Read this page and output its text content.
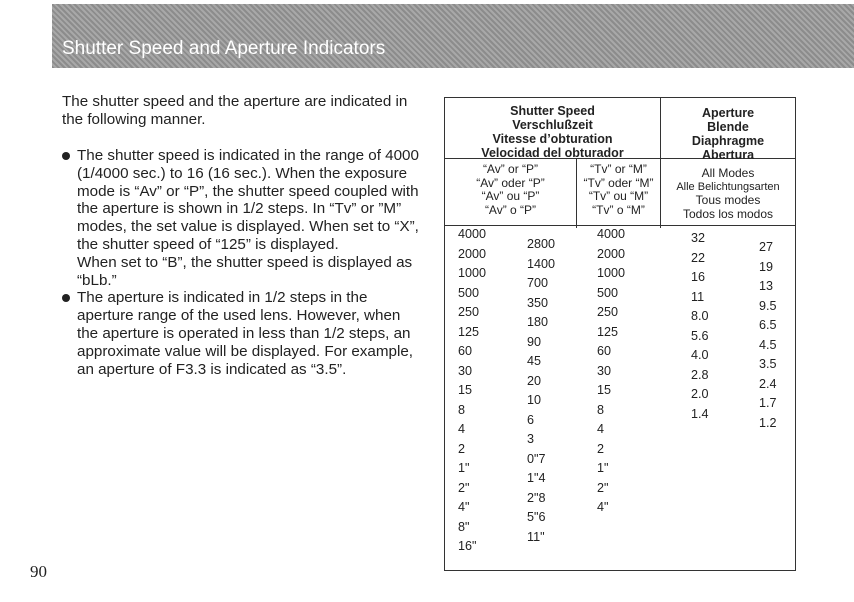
Shutter Speed and Aperture Indicators

The shutter speed and the aperture are indicated in the following manner.

The shutter speed is indicated in the range of 4000 (1/4000 sec.) to 16 (16 sec.). When the exposure mode is “Av” or “P”, the shutter speed coupled with the aperture is shown in 1/2 steps. In “Tv” or ”M” modes, the set value is displayed. When set to “X”, the shutter speed of “125” is displayed.

When set to “B”, the shutter speed is displayed as “bLb.”

The aperture is indicated in 1/2 steps in the aperture range of the used lens. However, when the aperture is operated in less than 1/2 steps, an approximate value will be displayed. For example, an aperture of F3.3 is indicated as “3.5”.

Shutter Speed
Verschlußzeit
Vitesse d’obturation
Velocidad del obturador
Aperture
Blende
Diaphragme
Abertura
“Av” or “P”
“Av” oder “P”
“Av” ou “P”
“Av” o “P”
“Tv” or “M”
“Tv” oder “M”
“Tv” ou “M”
“Tv” o “M”
All Modes
Alle Belichtungsarten
Tous modes
Todos los modos
4000
2000
1000
500
250
125
60
30
15
8
4
2
1"
2"
4"
8"
16"
2800
1400
700
350
180
90
45
20
10
6
3
0"7
1"4
2"8
5"6
11"
4000
2000
1000
500
250
125
60
30
15
8
4
2
1"
2"
4"
32
22
16
11
8.0
5.6
4.0
2.8
2.0
1.4
27
19
13
9.5
6.5
4.5
3.5
2.4
1.7
1.2
90
